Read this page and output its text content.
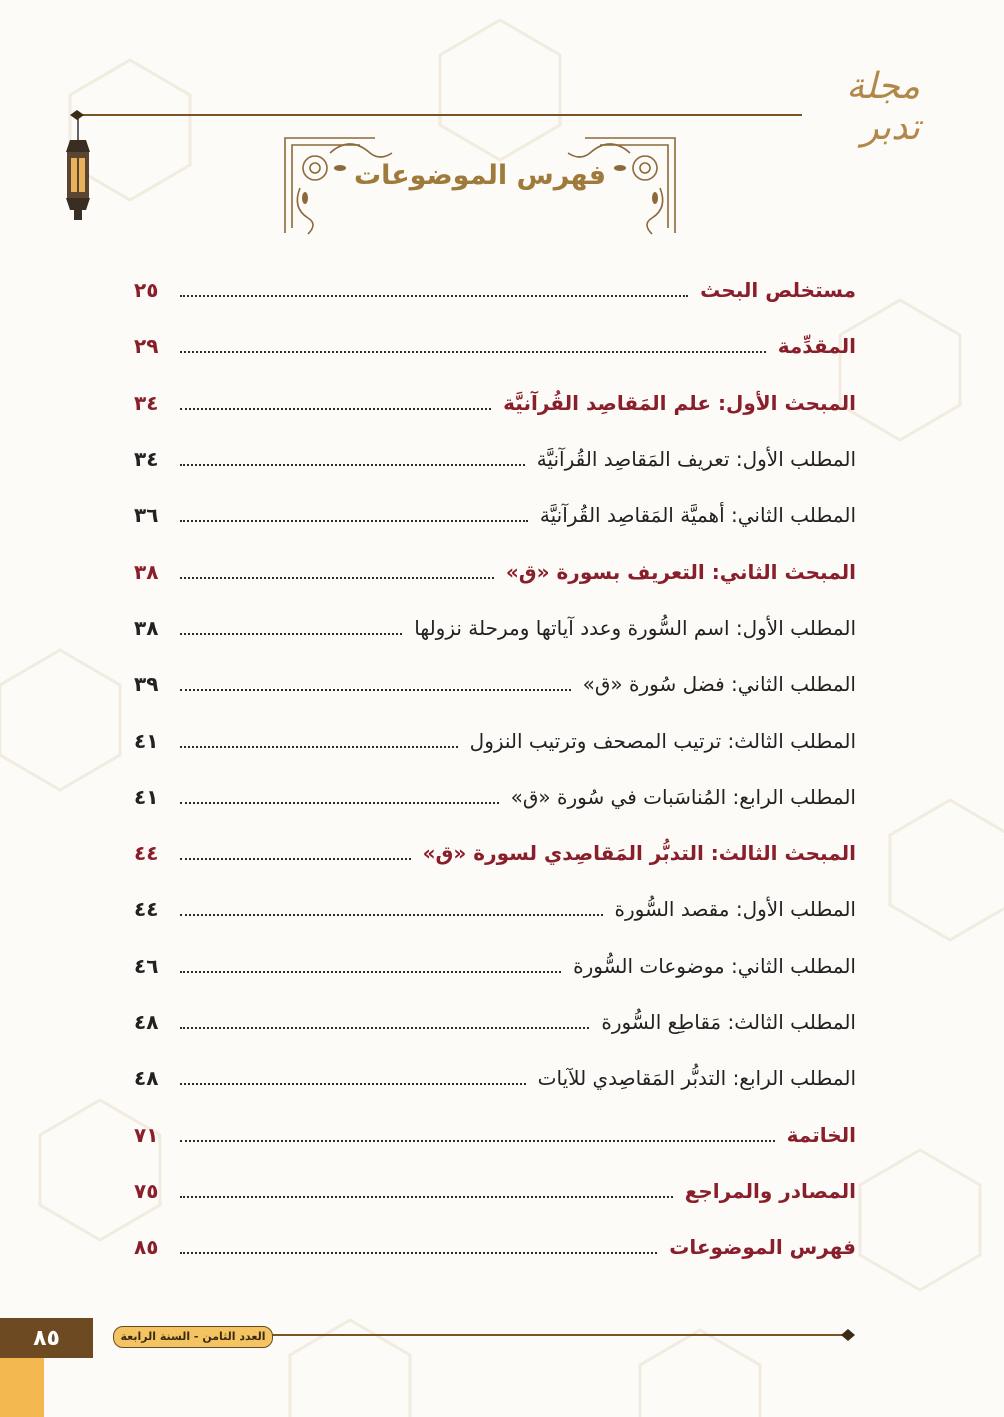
مجلة تدبر
فهرس الموضوعات
مستخلص البحث
٢٥
المقدِّمة
٢٩
المبحث الأول: علم المَقاصِد القُرآنيَّة
٣٤
المطلب الأول: تعريف المَقاصِد القُرآنيَّة
٣٤
المطلب الثاني: أهميَّة المَقاصِد القُرآنيَّة
٣٦
المبحث الثاني: التعريف بسورة «ق»
٣٨
المطلب الأول: اسم السُّورة وعدد آياتها ومرحلة نزولها
٣٨
المطلب الثاني: فضل سُورة «ق»
٣٩
المطلب الثالث: ترتيب المصحف وترتيب النزول
٤١
المطلب الرابع: المُناسَبات في سُورة «ق»
٤١
المبحث الثالث: التدبُّر المَقاصِدي لسورة «ق»
٤٤
المطلب الأول: مقصد السُّورة
٤٤
المطلب الثاني: موضوعات السُّورة
٤٦
المطلب الثالث: مَقاطِع السُّورة
٤٨
المطلب الرابع: التدبُّر المَقاصِدي للآيات
٤٨
الخاتمة
٧١
المصادر والمراجع
٧٥
فهرس الموضوعات
٨٥
العدد الثامن - السنة الرابعة
٨٥
